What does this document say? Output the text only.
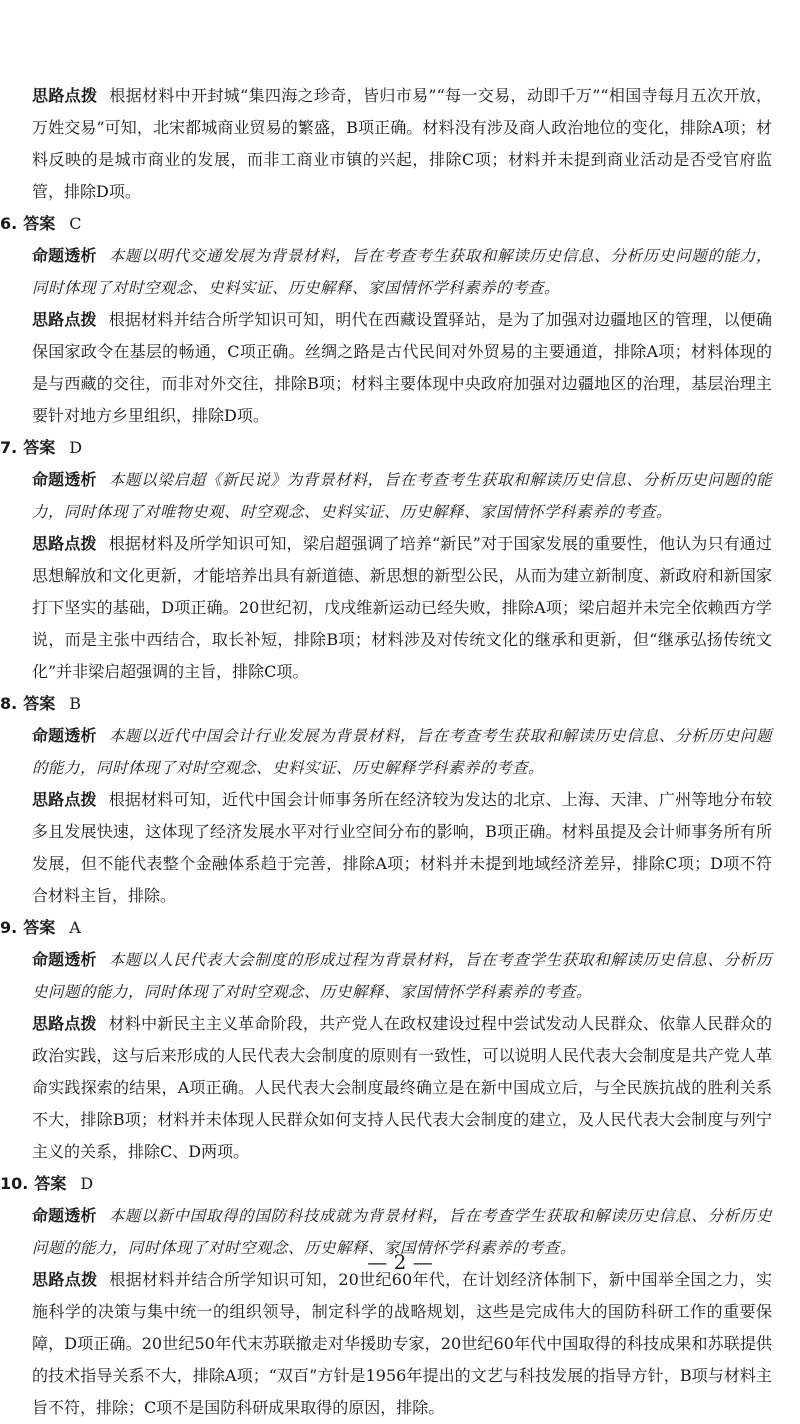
思路点拨 根据材料中开封城“集四海之珍奇，皆归市易”“每一交易，动即千万”“相国寺每月五次开放，万姓交易”可知，北宋都城商业贸易的繁盛，B项正确。材料没有涉及商人政治地位的变化，排除A项；材料反映的是城市商业的发展，而非工商业市镇的兴起，排除C项；材料并未提到商业活动是否受官府监管，排除D项。

6. 答案 C

命题透析 本题以明代交通发展为背景材料，旨在考查考生获取和解读历史信息、分析历史问题的能力，同时体现了对时空观念、史料实证、历史解释、家国情怀学科素养的考查。

思路点拨 根据材料并结合所学知识可知，明代在西藏设置驿站，是为了加强对边疆地区的管理，以便确保国家政令在基层的畅通，C项正确。丝绸之路是古代民间对外贸易的主要通道，排除A项；材料体现的是与西藏的交往，而非对外交往，排除B项；材料主要体现中央政府加强对边疆地区的治理，基层治理主要针对地方乡里组织，排除D项。

7. 答案 D

命题透析 本题以梁启超《新民说》为背景材料，旨在考查考生获取和解读历史信息、分析历史问题的能力，同时体现了对唯物史观、时空观念、史料实证、历史解释、家国情怀学科素养的考查。

思路点拨 根据材料及所学知识可知，梁启超强调了培养“新民”对于国家发展的重要性，他认为只有通过思想解放和文化更新，才能培养出具有新道德、新思想的新型公民，从而为建立新制度、新政府和新国家打下坚实的基础，D项正确。20世纪初，戊戌维新运动已经失败，排除A项；梁启超并未完全依赖西方学说，而是主张中西结合，取长补短，排除B项；材料涉及对传统文化的继承和更新，但“继承弘扬传统文化”并非梁启超强调的主旨，排除C项。

8. 答案 B

命题透析 本题以近代中国会计行业发展为背景材料，旨在考查考生获取和解读历史信息、分析历史问题的能力，同时体现了对时空观念、史料实证、历史解释学科素养的考查。

思路点拨 根据材料可知，近代中国会计师事务所在经济较为发达的北京、上海、天津、广州等地分布较多且发展快速，这体现了经济发展水平对行业空间分布的影响，B项正确。材料虽提及会计师事务所有所发展，但不能代表整个金融体系趋于完善，排除A项；材料并未提到地域经济差异，排除C项；D项不符合材料主旨，排除。

9. 答案 A

命题透析 本题以人民代表大会制度的形成过程为背景材料，旨在考查学生获取和解读历史信息、分析历史问题的能力，同时体现了对时空观念、历史解释、家国情怀学科素养的考查。

思路点拨 材料中新民主主义革命阶段，共产党人在政权建设过程中尝试发动人民群众、依靠人民群众的政治实践，这与后来形成的人民代表大会制度的原则有一致性，可以说明人民代表大会制度是共产党人革命实践探索的结果，A项正确。人民代表大会制度最终确立是在新中国成立后，与全民族抗战的胜利关系不大，排除B项；材料并未体现人民群众如何支持人民代表大会制度的建立，及人民代表大会制度与列宁主义的关系，排除C、D两项。

10. 答案 D

命题透析 本题以新中国取得的国防科技成就为背景材料，旨在考查学生获取和解读历史信息、分析历史问题的能力，同时体现了对时空观念、历史解释、家国情怀学科素养的考查。

思路点拨 根据材料并结合所学知识可知，20世纪60年代，在计划经济体制下，新中国举全国之力，实施科学的决策与集中统一的组织领导，制定科学的战略规划，这些是完成伟大的国防科研工作的重要保障，D项正确。20世纪50年代末苏联撤走对华援助专家，20世纪60年代中国取得的科技成果和苏联提供的技术指导关系不大，排除A项；“双百”方针是1956年提出的文艺与科技发展的指导方针，B项与材料主旨不符，排除；C项不是国防科研成果取得的原因，排除。

— 2 —
